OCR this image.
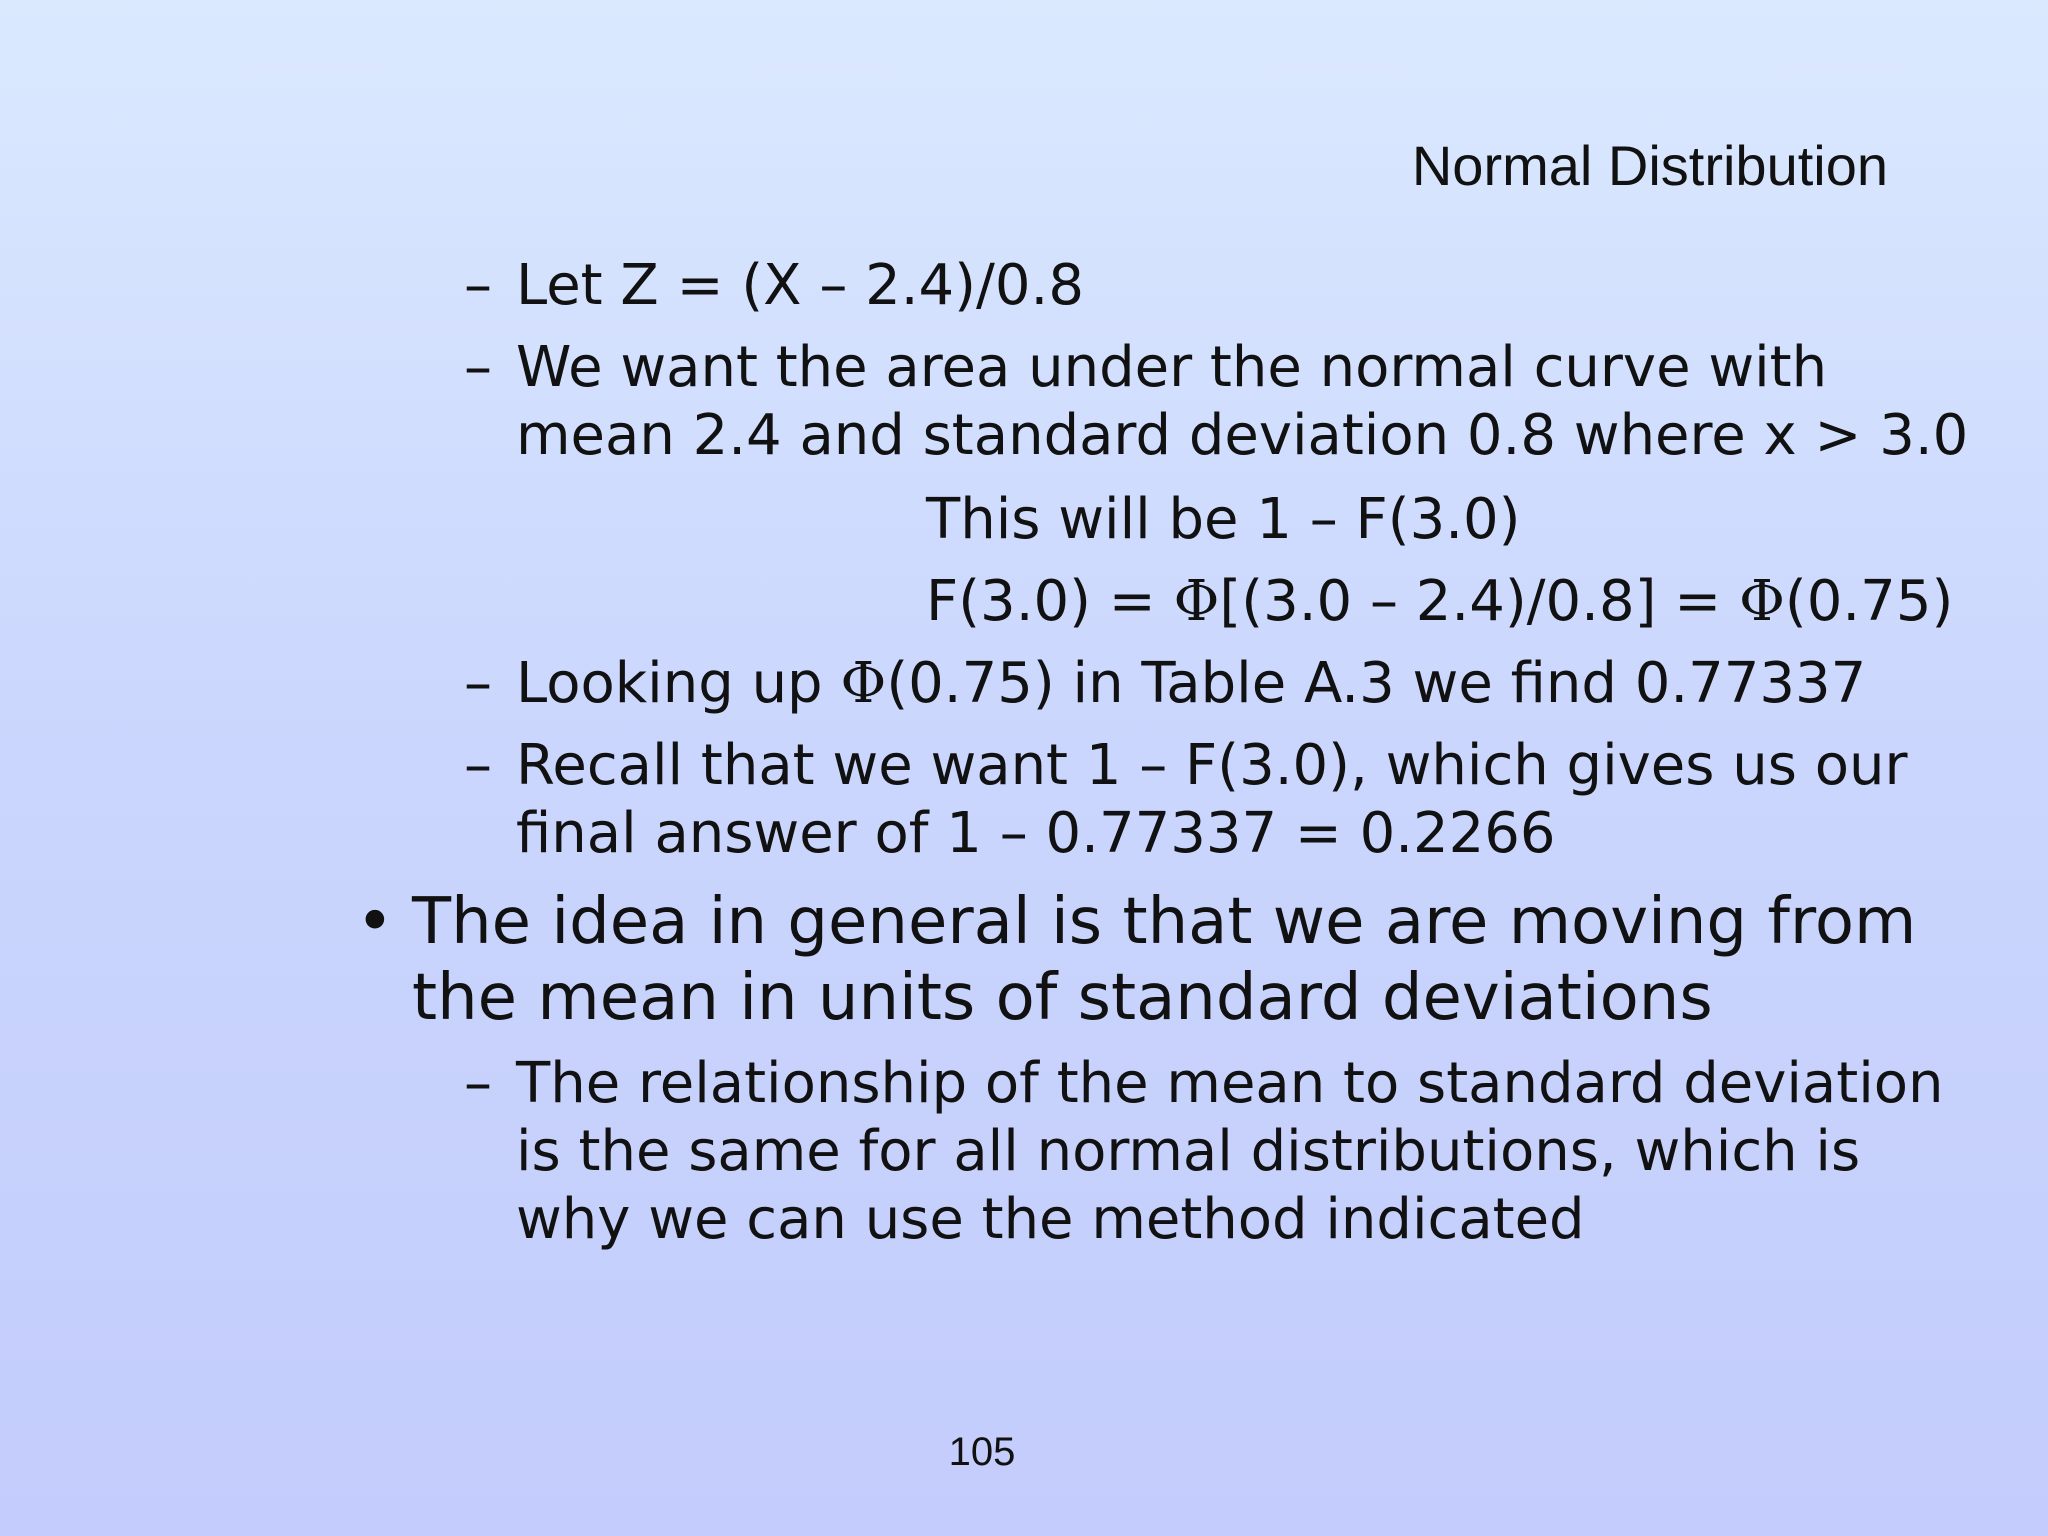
Normal Distribution
– Let Z = (X – 2.4)/0.8
– We want the area under the normal curve with
mean 2.4 and standard deviation 0.8 where x > 3.0
This will be 1 – F(3.0)
F(3.0) = Φ[(3.0 – 2.4)/0.8] = Φ(0.75)
– Looking up Φ(0.75) in Table A.3 we find 0.77337
– Recall that we want 1 – F(3.0), which gives us our
final answer of 1 – 0.77337 = 0.2266
• The idea in general is that we are moving from
the mean in units of standard deviations
– The relationship of the mean to standard deviation
is the same for all normal distributions, which is
why we can use the method indicated
105
